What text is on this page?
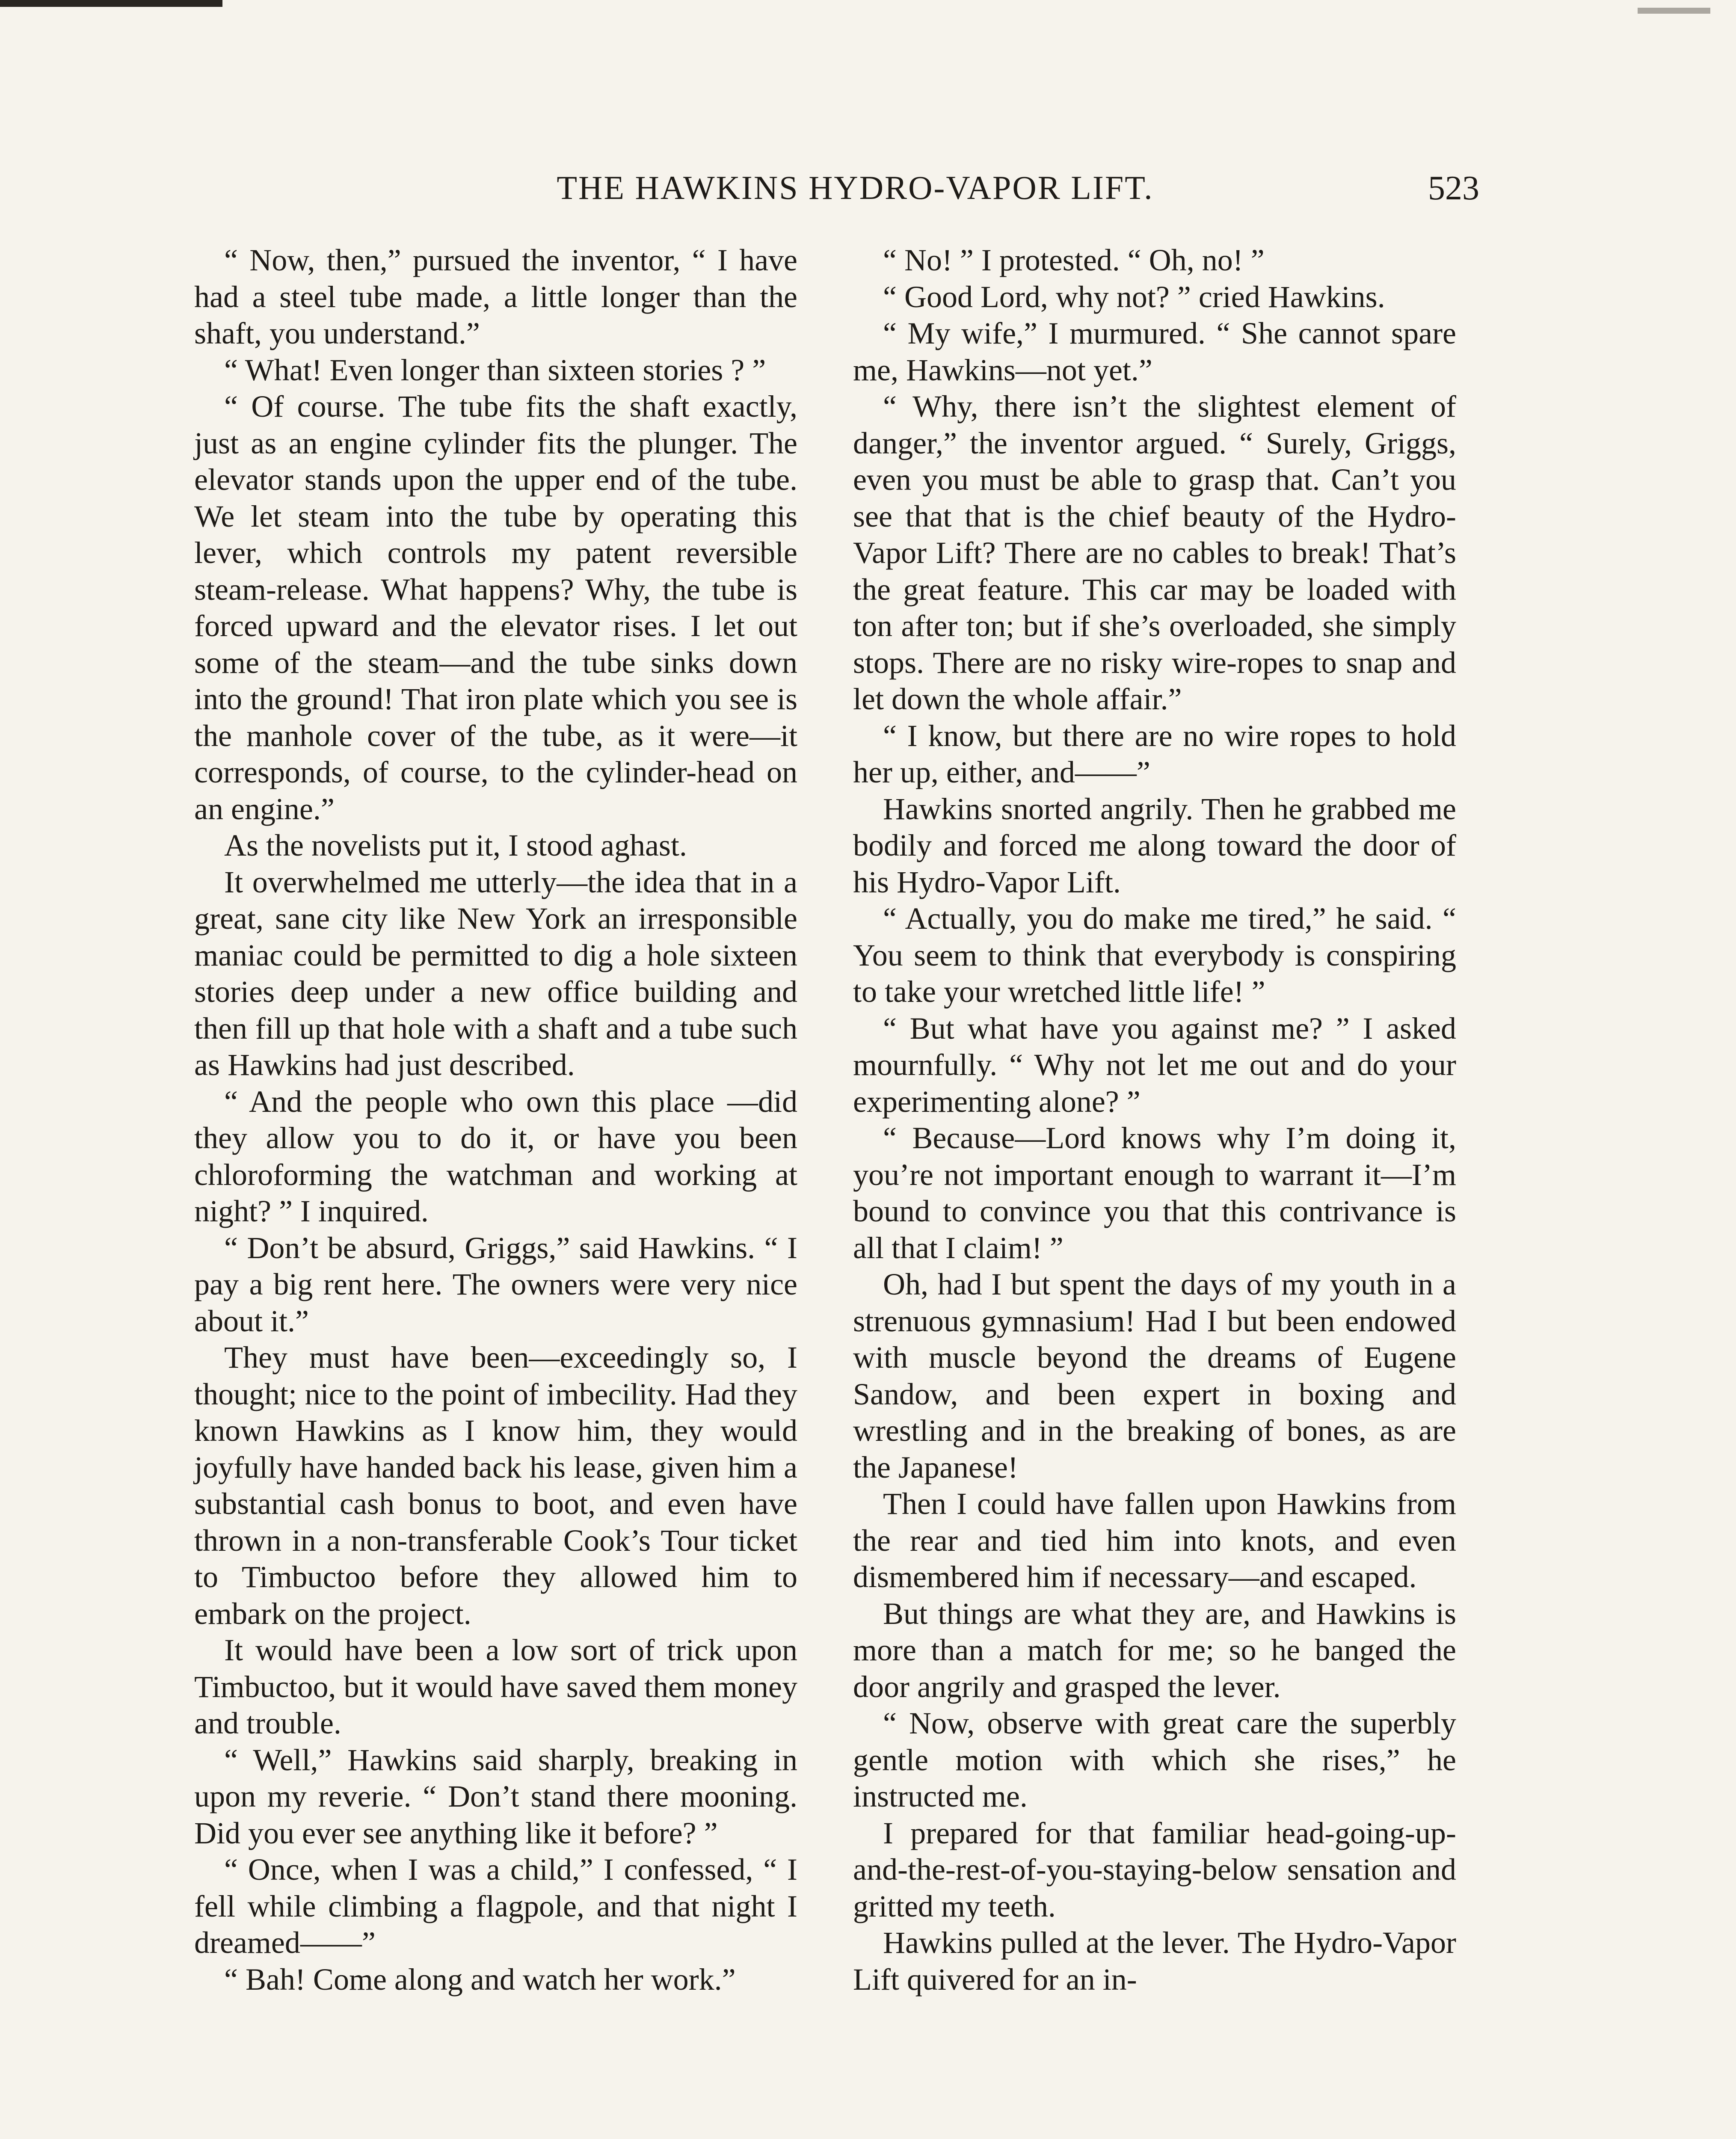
THE HAWKINS HYDRO-VAPOR LIFT.	523

“ Now, then,” pursued the inventor, “ I have had a steel tube made, a little longer than the shaft, you understand.”

“ What! Even longer than sixteen stories ? ”

“ Of course. The tube fits the shaft exactly, just as an engine cylinder fits the plunger. The elevator stands upon the upper end of the tube. We let steam into the tube by operating this lever, which controls my patent reversible steam-release. What happens? Why, the tube is forced upward and the elevator rises. I let out some of the steam—and the tube sinks down into the ground! That iron plate which you see is the manhole cover of the tube, as it were—it corresponds, of course, to the cylinder-head on an engine.”

As the novelists put it, I stood aghast.

It overwhelmed me utterly—the idea that in a great, sane city like New York an irresponsible maniac could be permitted to dig a hole sixteen stories deep under a new office building and then fill up that hole with a shaft and a tube such as Hawkins had just described.

“ And the people who own this place —did they allow you to do it, or have you been chloroforming the watchman and working at night? ” I inquired.

“ Don’t be absurd, Griggs,” said Hawkins. “ I pay a big rent here. The owners were very nice about it.”

They must have been—exceedingly so, I thought; nice to the point of imbecility. Had they known Hawkins as I know him, they would joyfully have handed back his lease, given him a substantial cash bonus to boot, and even have thrown in a non-transferable Cook’s Tour ticket to Timbuctoo before they allowed him to embark on the project.

It would have been a low sort of trick upon Timbuctoo, but it would have saved them money and trouble.

“ Well,” Hawkins said sharply, breaking in upon my reverie. “ Don’t stand there mooning. Did you ever see anything like it before? ”

“ Once, when I was a child,” I confessed, “ I fell while climbing a flagpole, and that night I dreamed——”

“ Bah! Come along and watch her work.”

“ No! ” I protested. “ Oh, no! ”

“ Good Lord, why not? ” cried Hawkins.

“ My wife,” I murmured. “ She cannot spare me, Hawkins—not yet.”

“ Why, there isn’t the slightest element of danger,” the inventor argued. “ Surely, Griggs, even you must be able to grasp that. Can’t you see that that is the chief beauty of the Hydro-Vapor Lift? There are no cables to break! That’s the great feature. This car may be loaded with ton after ton; but if she’s overloaded, she simply stops. There are no risky wire-ropes to snap and let down the whole affair.”

“ I know, but there are no wire ropes to hold her up, either, and——”

Hawkins snorted angrily. Then he grabbed me bodily and forced me along toward the door of his Hydro-Vapor Lift.

“ Actually, you do make me tired,” he said. “ You seem to think that everybody is conspiring to take your wretched little life! ”

“ But what have you against me? ” I asked mournfully. “ Why not let me out and do your experimenting alone? ”

“ Because—Lord knows why I’m doing it, you’re not important enough to warrant it—I’m bound to convince you that this contrivance is all that I claim! ”

Oh, had I but spent the days of my youth in a strenuous gymnasium! Had I but been endowed with muscle beyond the dreams of Eugene Sandow, and been expert in boxing and wrestling and in the breaking of bones, as are the Japanese!

Then I could have fallen upon Hawkins from the rear and tied him into knots, and even dismembered him if necessary—and escaped.

But things are what they are, and Hawkins is more than a match for me; so he banged the door angrily and grasped the lever.

“ Now, observe with great care the superbly gentle motion with which she rises,” he instructed me.

I prepared for that familiar head-going-up-and-the-rest-of-you-staying-below sensation and gritted my teeth.

Hawkins pulled at the lever. The Hydro-Vapor Lift quivered for an in-
